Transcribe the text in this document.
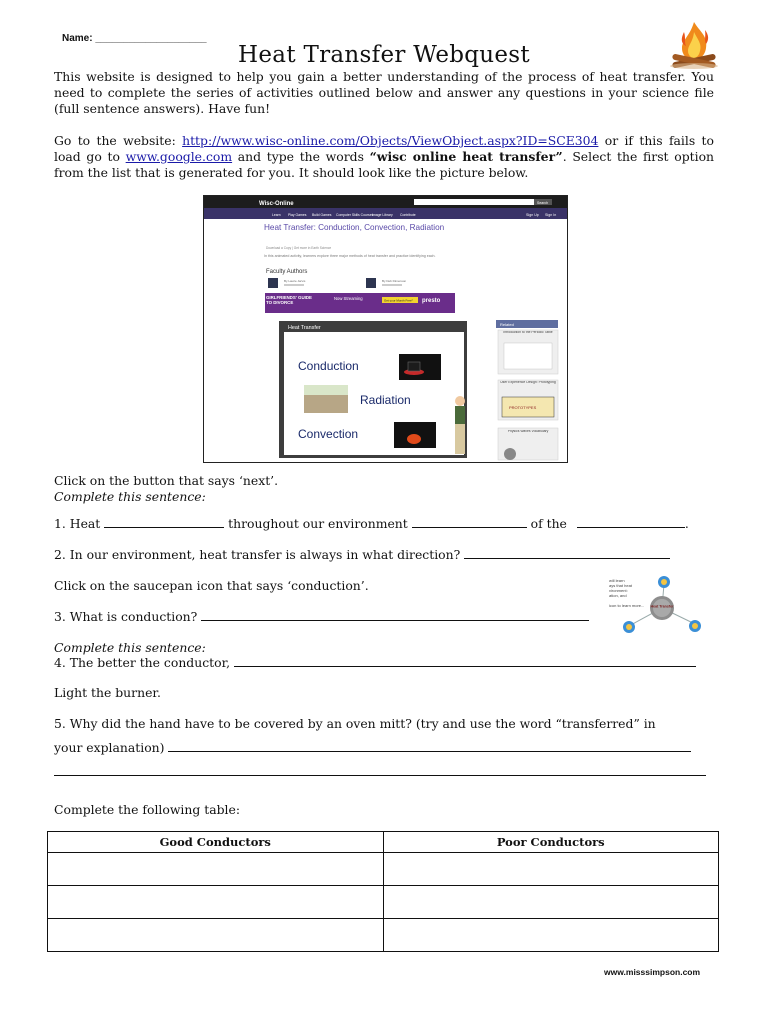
Name: ____________________
Heat Transfer Webquest
This website is designed to help you gain a better understanding of the process of heat transfer. You need to complete the series of activities outlined below and answer any questions in your science file (full sentence answers). Have fun!
Go to the website: http://www.wisc-online.com/Objects/ViewObject.aspx?ID=SCE304 or if this fails to load go to www.google.com and type the words “wisc online heat transfer”. Select the first option from the list that is generated for you. It should look like the picture below.
Wisc-Online	Search
Learn Play Games Build Games Computer Skills Courses
Image Library Contribute	Sign Up Sign In
Heat Transfer: Conduction, Convection, Radiation
Download a Copy | Get more in Earth Science
In this animated activity, learners explore three major methods of heat transfer and practice identifying each.
Faculty Authors
By Laurie Jarvis	By Deb Dimenson
GIRLFRIENDS' GUIDE TO DIVORCE
Now Streaming	Get your Month Free* presto
Heat Transfer
Conduction
Radiation
Convection
Related
Introduction to the Periodic Table
User Experience Design: Prototyping
PROTOTYPES
Physics Waves Vocabulary
Click on the button that says ‘next’.
Complete this sentence:
1. Heat	throughout our environment	of the	.
2. In our environment, heat transfer is always in what direction?
Click on the saucepan icon that says ‘conduction’.
3. What is conduction?
will learn
ays that heat
vironment:
ation, and
icon to learn more... Heat Transfer
Complete this sentence:
4. The better the conductor,
Light the burner.
5. Why did the hand have to be covered by an oven mitt? (try and use the word “transferred” in
your explanation)
Complete the following table:
Good Conductors	Poor Conductors

www.misssimpson.com
